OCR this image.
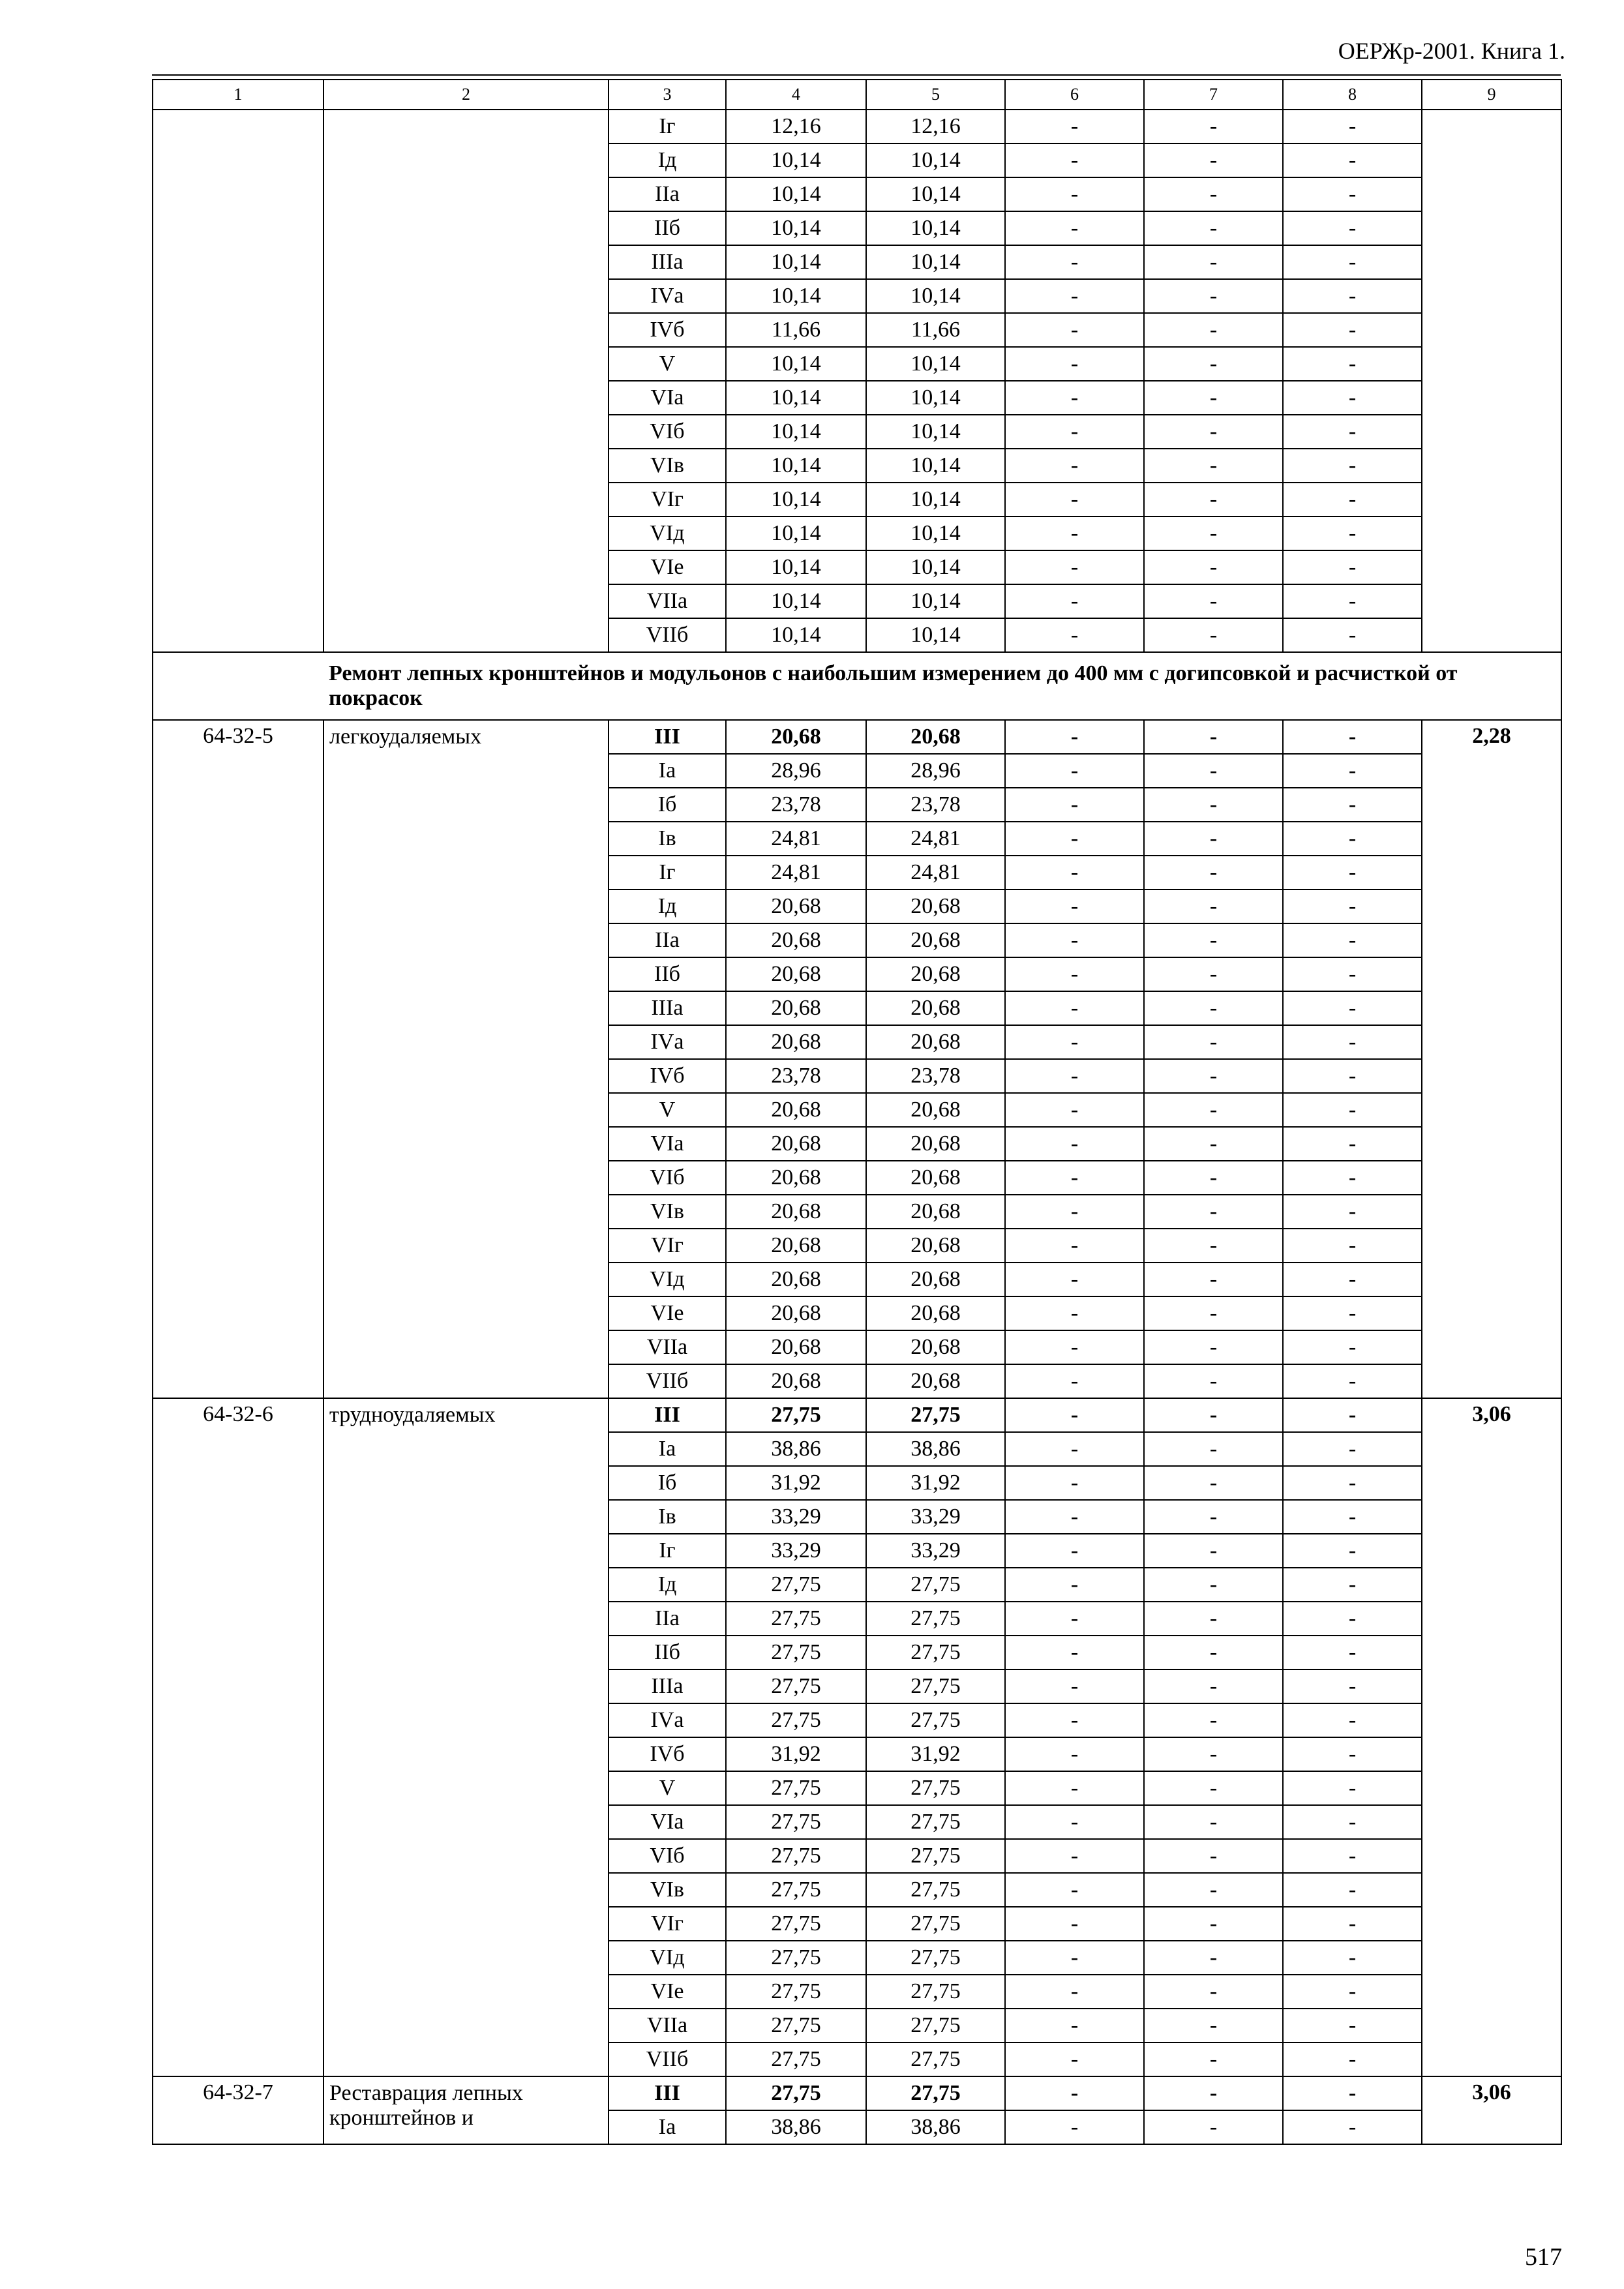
ОЕРЖр-2001. Книга 1.
1	2	3	4	5	6	7	8	9
		Iг	12,16	12,16	-	-	-	
		Iд	10,14	10,14	-	-	-	
		IIа	10,14	10,14	-	-	-	
		IIб	10,14	10,14	-	-	-	
		IIIа	10,14	10,14	-	-	-	
		IVа	10,14	10,14	-	-	-	
		IVб	11,66	11,66	-	-	-	
		V	10,14	10,14	-	-	-	
		VIа	10,14	10,14	-	-	-	
		VIб	10,14	10,14	-	-	-	
		VIв	10,14	10,14	-	-	-	
		VIг	10,14	10,14	-	-	-	
		VIд	10,14	10,14	-	-	-	
		VIе	10,14	10,14	-	-	-	
		VIIа	10,14	10,14	-	-	-	
		VIIб	10,14	10,14	-	-	-	
	Ремонт лепных кронштейнов и модульонов с наибольшим измерением до 400 мм с догипсовкой и расчисткой от покрасок							
64-32-5	легкоудаляемых	III	20,68	20,68	-	-	-	2,28
		Iа	28,96	28,96	-	-	-	
		Iб	23,78	23,78	-	-	-	
		Iв	24,81	24,81	-	-	-	
		Iг	24,81	24,81	-	-	-	
		Iд	20,68	20,68	-	-	-	
		IIа	20,68	20,68	-	-	-	
		IIб	20,68	20,68	-	-	-	
		IIIа	20,68	20,68	-	-	-	
		IVа	20,68	20,68	-	-	-	
		IVб	23,78	23,78	-	-	-	
		V	20,68	20,68	-	-	-	
		VIа	20,68	20,68	-	-	-	
		VIб	20,68	20,68	-	-	-	
		VIв	20,68	20,68	-	-	-	
		VIг	20,68	20,68	-	-	-	
		VIд	20,68	20,68	-	-	-	
		VIе	20,68	20,68	-	-	-	
		VIIа	20,68	20,68	-	-	-	
		VIIб	20,68	20,68	-	-	-	
64-32-6	трудноудаляемых	III	27,75	27,75	-	-	-	3,06
		Iа	38,86	38,86	-	-	-	
		Iб	31,92	31,92	-	-	-	
		Iв	33,29	33,29	-	-	-	
		Iг	33,29	33,29	-	-	-	
		Iд	27,75	27,75	-	-	-	
		IIа	27,75	27,75	-	-	-	
		IIб	27,75	27,75	-	-	-	
		IIIа	27,75	27,75	-	-	-	
		IVа	27,75	27,75	-	-	-	
		IVб	31,92	31,92	-	-	-	
		V	27,75	27,75	-	-	-	
		VIа	27,75	27,75	-	-	-	
		VIб	27,75	27,75	-	-	-	
		VIв	27,75	27,75	-	-	-	
		VIг	27,75	27,75	-	-	-	
		VIд	27,75	27,75	-	-	-	
		VIе	27,75	27,75	-	-	-	
		VIIа	27,75	27,75	-	-	-	
		VIIб	27,75	27,75	-	-	-	
64-32-7	Реставрация лепных кронштейнов и	III	27,75	27,75	-	-	-	3,06
		Iа	38,86	38,86	-	-	-	
517
